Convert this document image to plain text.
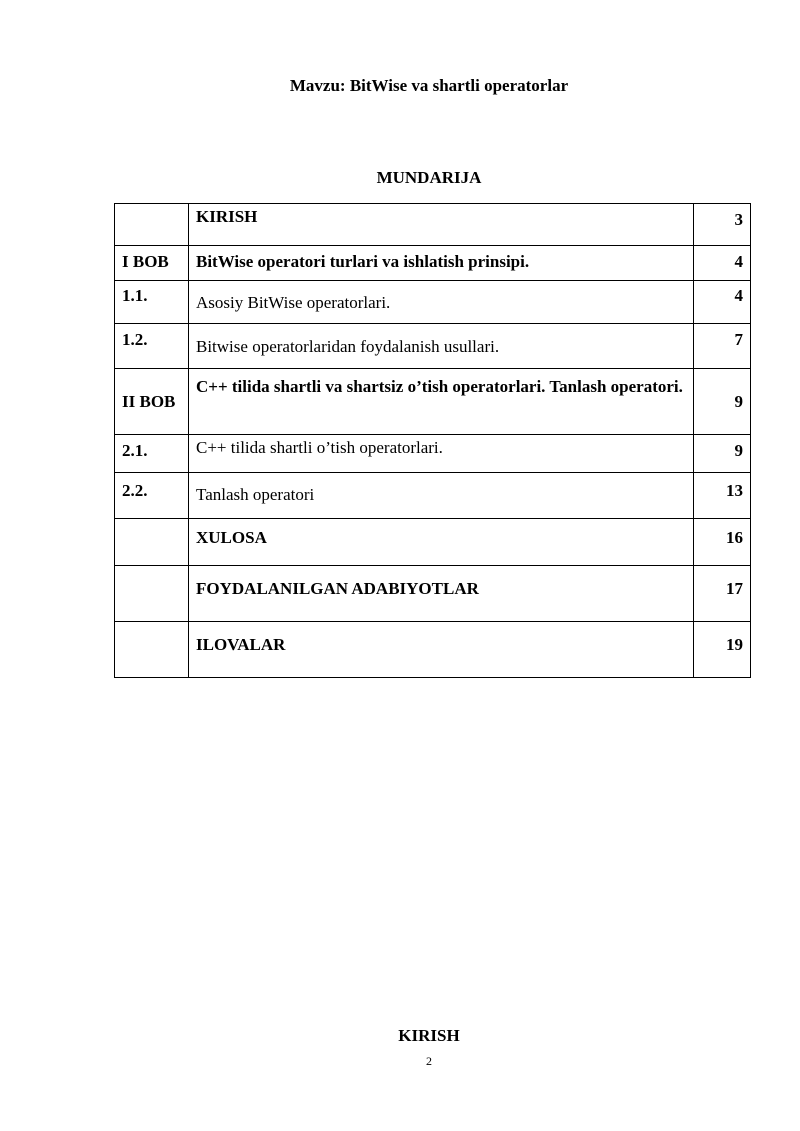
Mavzu: BitWise va shartli operatorlar
MUNDARIJA
	KIRISH	3
I BOB	BitWise operatori turlari va ishlatish prinsipi.	4
1.1.	Asosiy BitWise operatorlari.	4
1.2.	Bitwise operatorlaridan foydalanish usullari.	7
II BOB	C++ tilida shartli va shartsiz o’tish operatorlari. Tanlash operatori.	9
2.1.	C++ tilida shartli o’tish operatorlari.	9
2.2.	Tanlash operatori	13
	XULOSA	16
	FOYDALANILGAN ADABIYOTLAR	17
	ILOVALAR	19
KIRISH
2
